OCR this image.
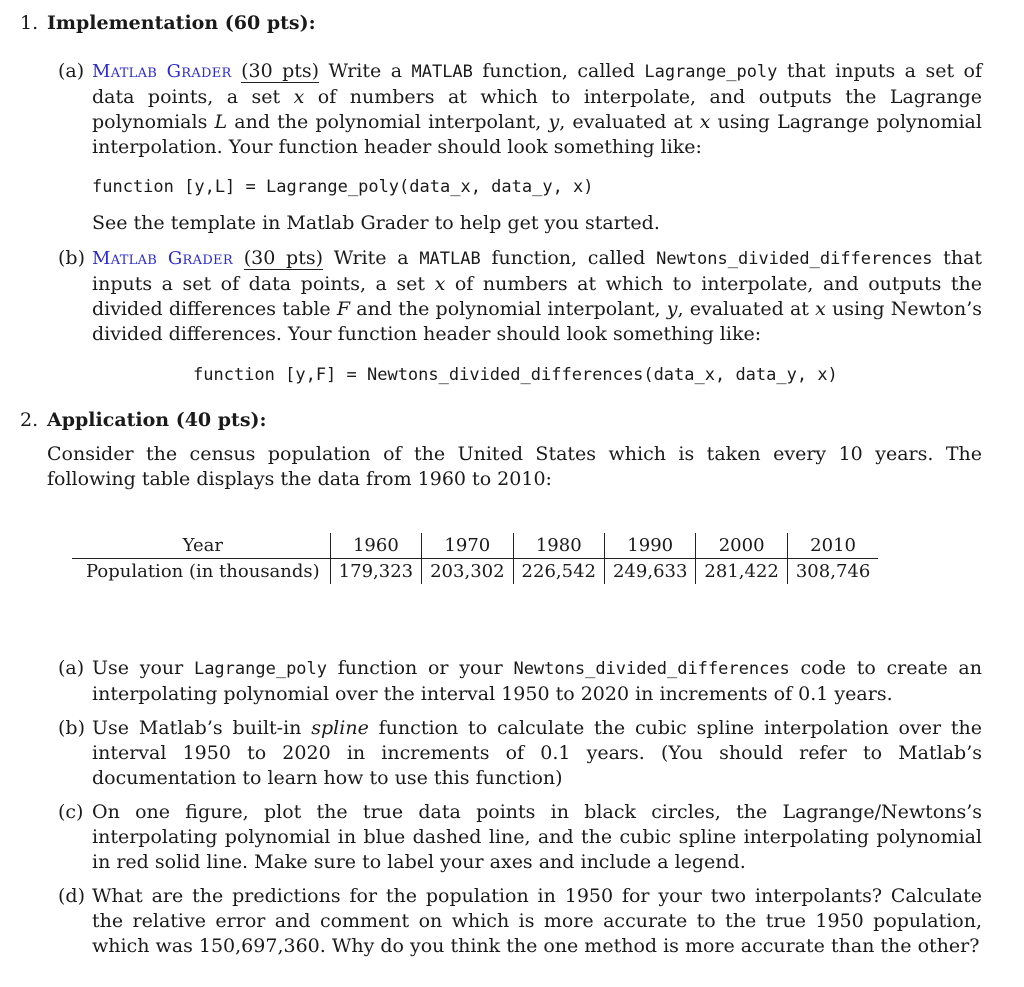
1. Implementation (60 pts):
(a) Matlab Grader (30 pts) Write a MATLAB function, called Lagrange_poly that inputs a set of data points, a set x of numbers at which to interpolate, and outputs the Lagrange polynomials L and the polynomial interpolant, y, evaluated at x using Lagrange polynomial interpolation. Your function header should look something like:
function [y,L] = Lagrange_poly(data_x, data_y, x)
See the template in Matlab Grader to help get you started.
(b) Matlab Grader (30 pts) Write a MATLAB function, called Newtons_divided_differences that inputs a set of data points, a set x of numbers at which to interpolate, and outputs the divided differences table F and the polynomial interpolant, y, evaluated at x using Newton’s divided differences. Your function header should look something like:
function [y,F] = Newtons_divided_differences(data_x, data_y, x)
2. Application (40 pts):
Consider the census population of the United States which is taken every 10 years. The following table displays the data from 1960 to 2010:
Year	1960	1970	1980	1990	2000	2010
Population (in thousands)	179,323	203,302	226,542	249,633	281,422	308,746
(a) Use your Lagrange_poly function or your Newtons_divided_differences code to create an interpolating polynomial over the interval 1950 to 2020 in increments of 0.1 years.
(b) Use Matlab’s built-in spline function to calculate the cubic spline interpolation over the interval 1950 to 2020 in increments of 0.1 years. (You should refer to Matlab’s documentation to learn how to use this function)
(c) On one figure, plot the true data points in black circles, the Lagrange/Newtons’s interpolating polynomial in blue dashed line, and the cubic spline interpolating polynomial in red solid line. Make sure to label your axes and include a legend.
(d) What are the predictions for the population in 1950 for your two interpolants? Calculate the relative error and comment on which is more accurate to the true 1950 population, which was 150,697,360. Why do you think the one method is more accurate than the other?
